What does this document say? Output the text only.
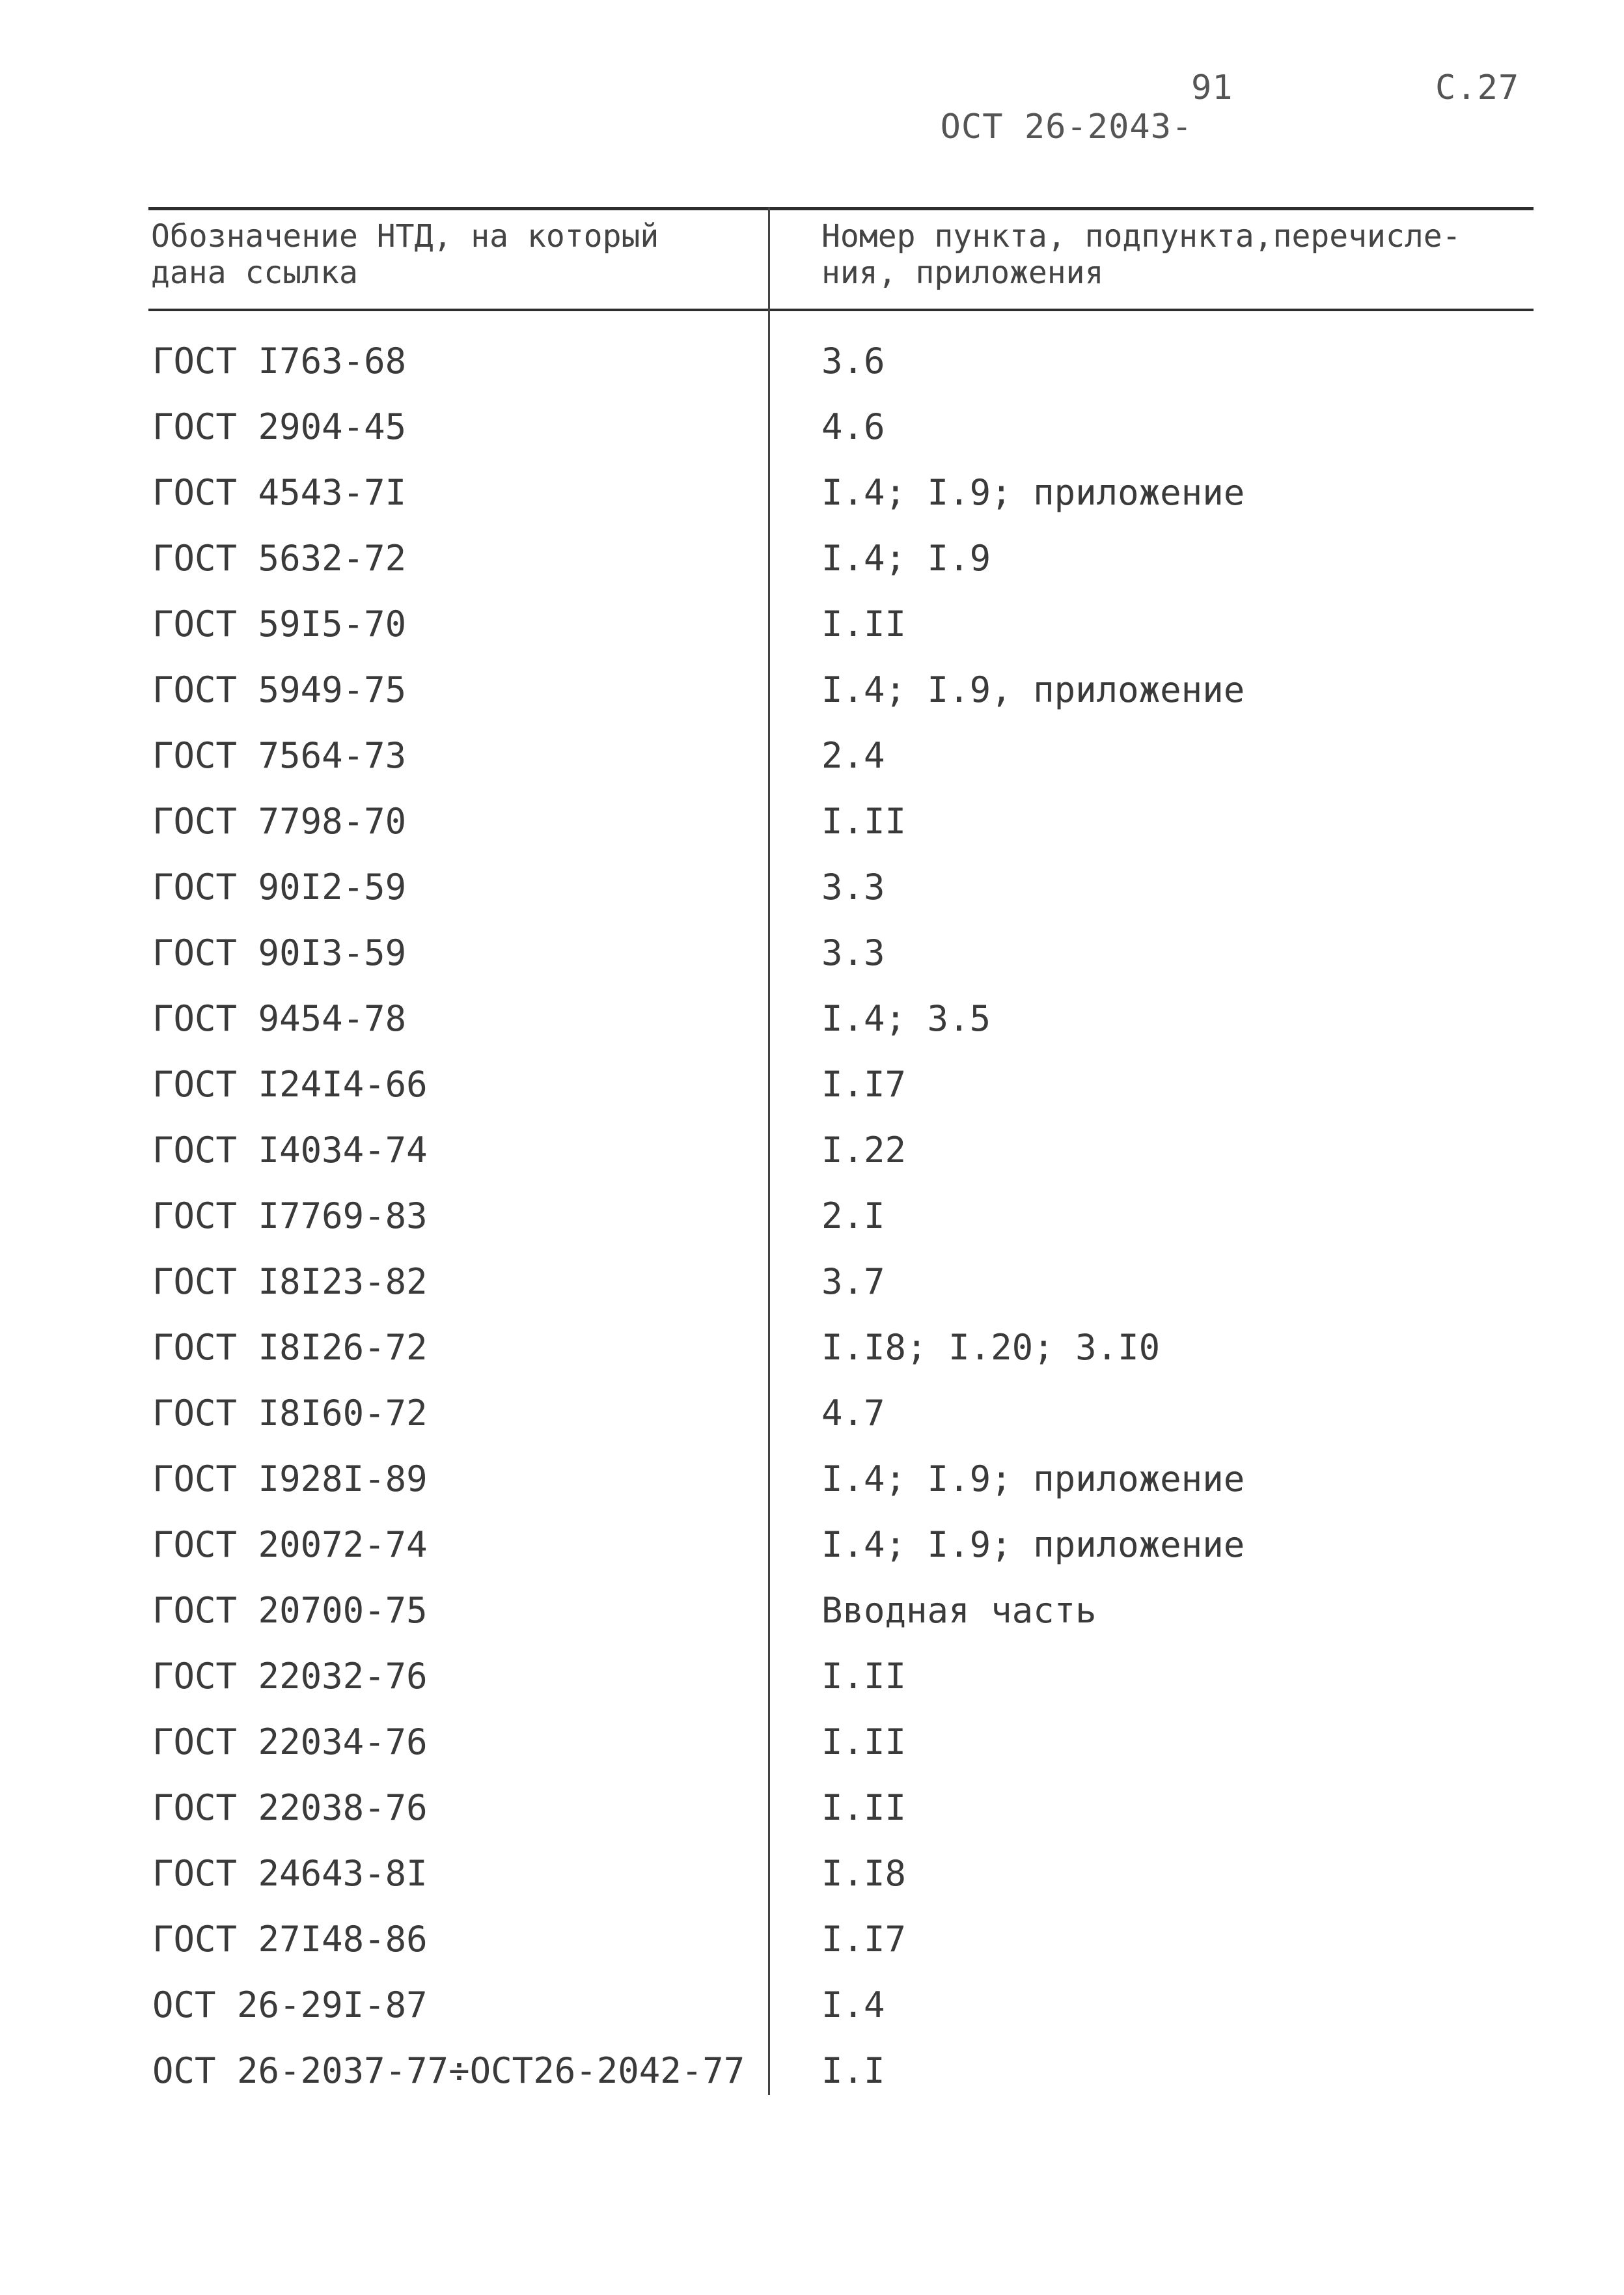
ОСТ 26-2043-

91

	С.27

Обозначение НТД, на который дана ссылка
Номер пункта, подпункта,перечисле- ния, приложения
ГОСТ I763-68	3.6
ГОСТ 2904-45	4.6
ГОСТ 4543-7I	I.4; I.9; приложение
ГОСТ 5632-72	I.4; I.9
ГОСТ 59I5-70	I.II
ГОСТ 5949-75	I.4; I.9, приложение
ГОСТ 7564-73	2.4
ГОСТ 7798-70	I.II
ГОСТ 90I2-59	3.3
ГОСТ 90I3-59	3.3
ГОСТ 9454-78	I.4; 3.5
ГОСТ I24I4-66	I.I7
ГОСТ I4034-74	I.22
ГОСТ I7769-83	2.I
ГОСТ I8I23-82	3.7
ГОСТ I8I26-72	I.I8; I.20; 3.I0
ГОСТ I8I60-72	4.7
ГОСТ I928I-89	I.4; I.9; приложение
ГОСТ 20072-74	I.4; I.9; приложение
ГОСТ 20700-75	Вводная часть
ГОСТ 22032-76	I.II
ГОСТ 22034-76	I.II
ГОСТ 22038-76	I.II
ГОСТ 24643-8I	I.I8
ГОСТ 27I48-86	I.I7
ОСТ 26-29I-87	I.4
ОСТ 26-2037-77÷ОСТ26-2042-77 I.I
